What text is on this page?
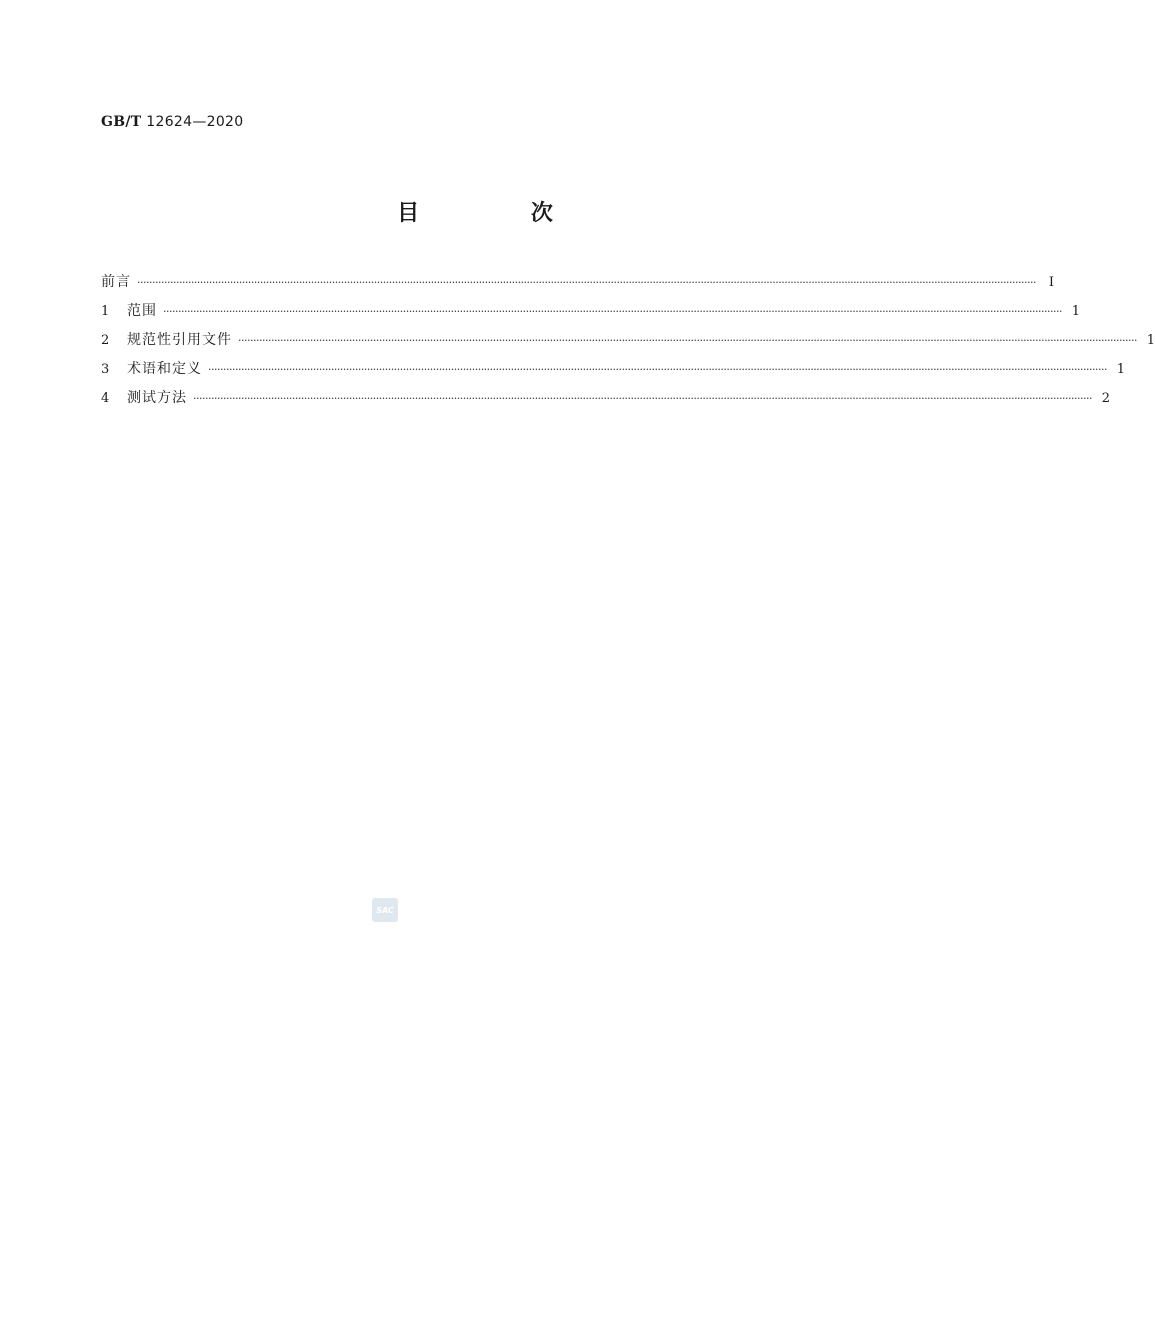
GB/T 12624—2020
目 次
前言 ············································································································································································································································································································ Ⅰ
1	范围 ············································································································································································································································································································ 1
2	规范性引用文件 ············································································································································································································································································································ 1
3	术语和定义 ············································································································································································································································································································ 1
4	测试方法 ············································································································································································································································································································ 2
SAC
